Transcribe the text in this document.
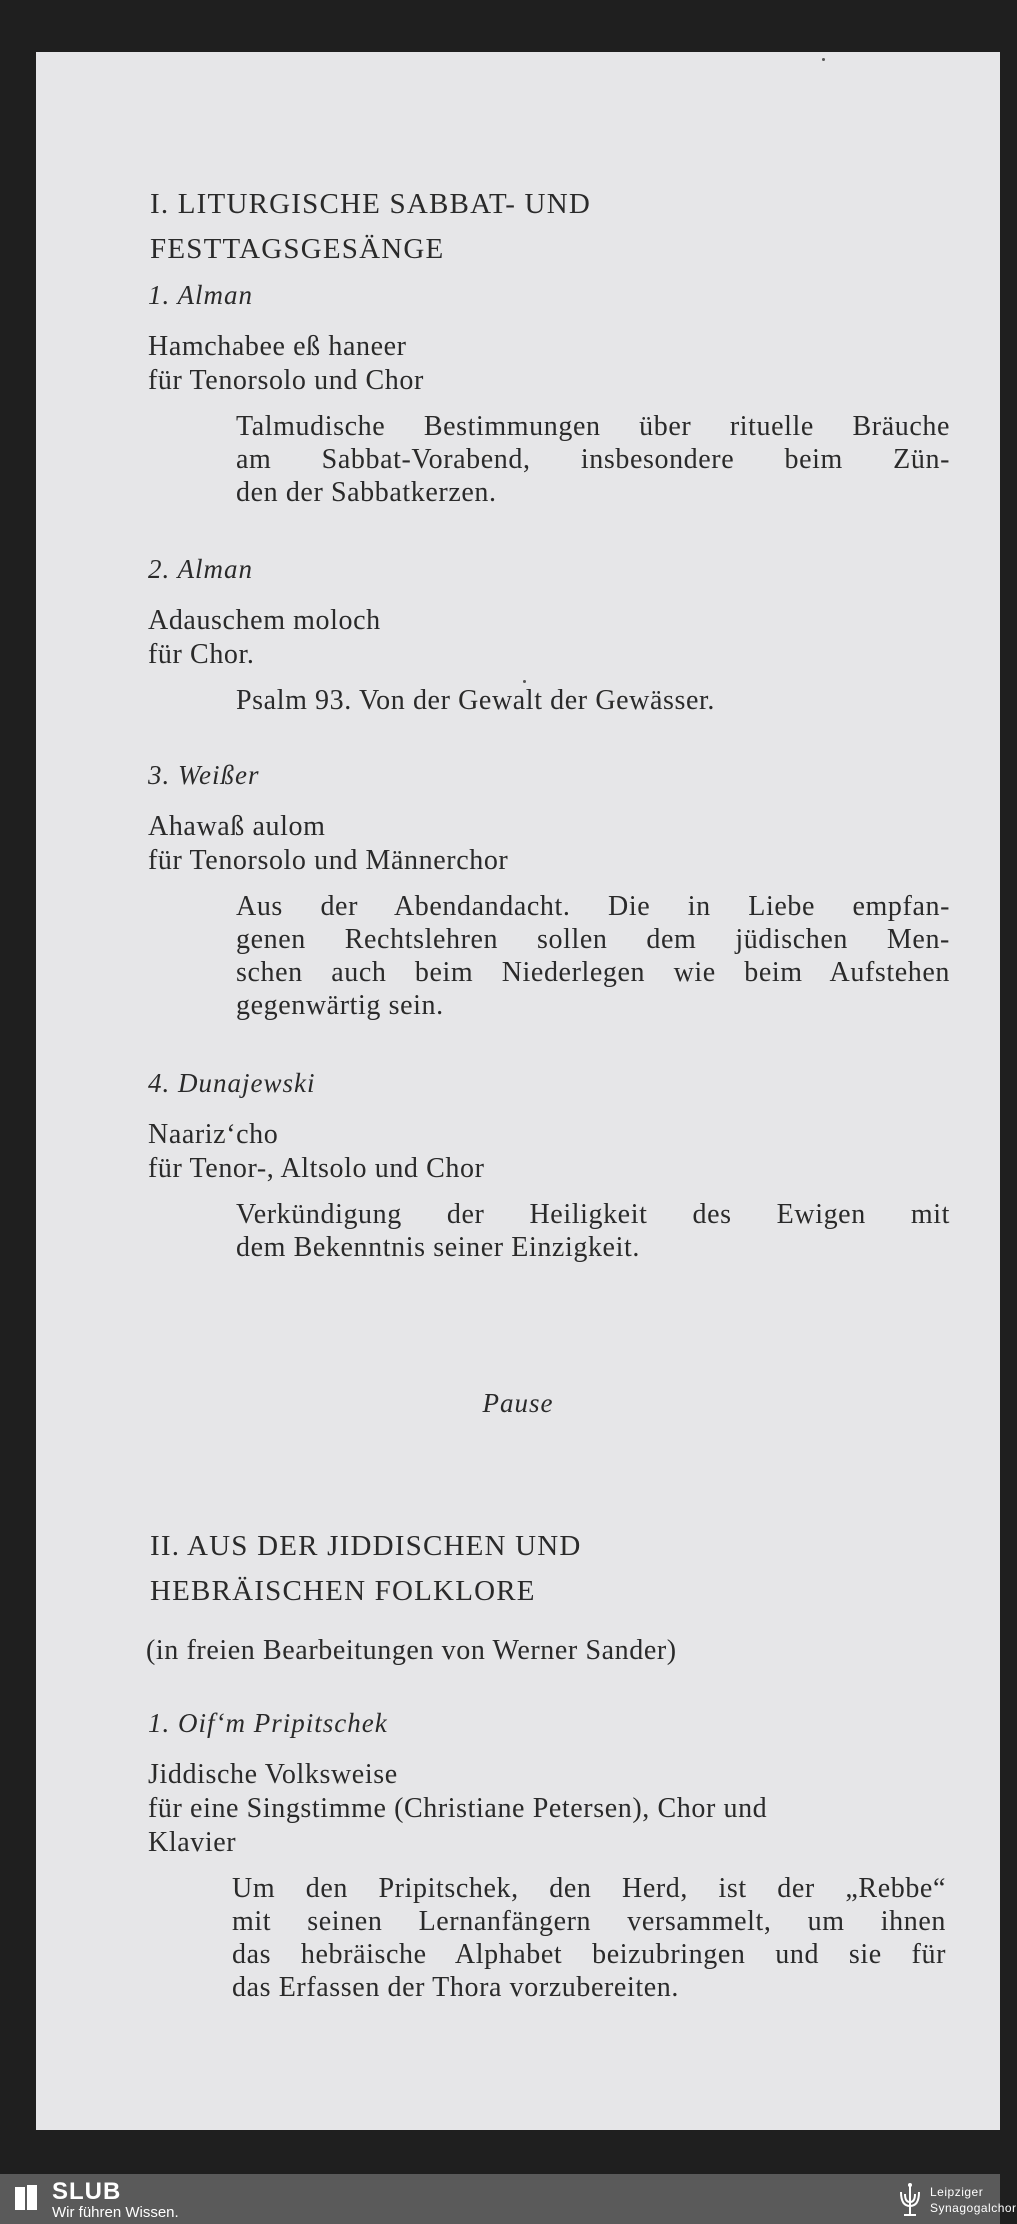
I. LITURGISCHE SABBAT- UND
FESTTAGSGESÄNGE
1. Alman
Hamchabee eß haneer
für Tenorsolo und Chor
Talmudische Bestimmungen über rituelle Bräuche
am Sabbat-Vorabend, insbesondere beim Zün-
den der Sabbatkerzen.
2. Alman
Adauschem moloch
für Chor.
Psalm 93. Von der Gewalt der Gewässer.
3. Weißer
Ahawaß aulom
für Tenorsolo und Männerchor
Aus der Abendandacht. Die in Liebe empfan-
genen Rechtslehren sollen dem jüdischen Men-
schen auch beim Niederlegen wie beim Aufstehen
gegenwärtig sein.
4. Dunajewski
Naariz‘cho
für Tenor-, Altsolo und Chor
Verkündigung der Heiligkeit des Ewigen mit
dem Bekenntnis seiner Einzigkeit.
Pause
II. AUS DER JIDDISCHEN UND
HEBRÄISCHEN FOLKLORE
(in freien Bearbeitungen von Werner Sander)
1. Oif‘m Pripitschek
Jiddische Volksweise
für eine Singstimme (Christiane Petersen), Chor und
Klavier
Um den Pripitschek, den Herd, ist der „Rebbe“
mit seinen Lernanfängern versammelt, um ihnen
das hebräische Alphabet beizubringen und sie für
das Erfassen der Thora vorzubereiten.
SLUB
Wir führen Wissen.
Leipziger
Synagogalchor
